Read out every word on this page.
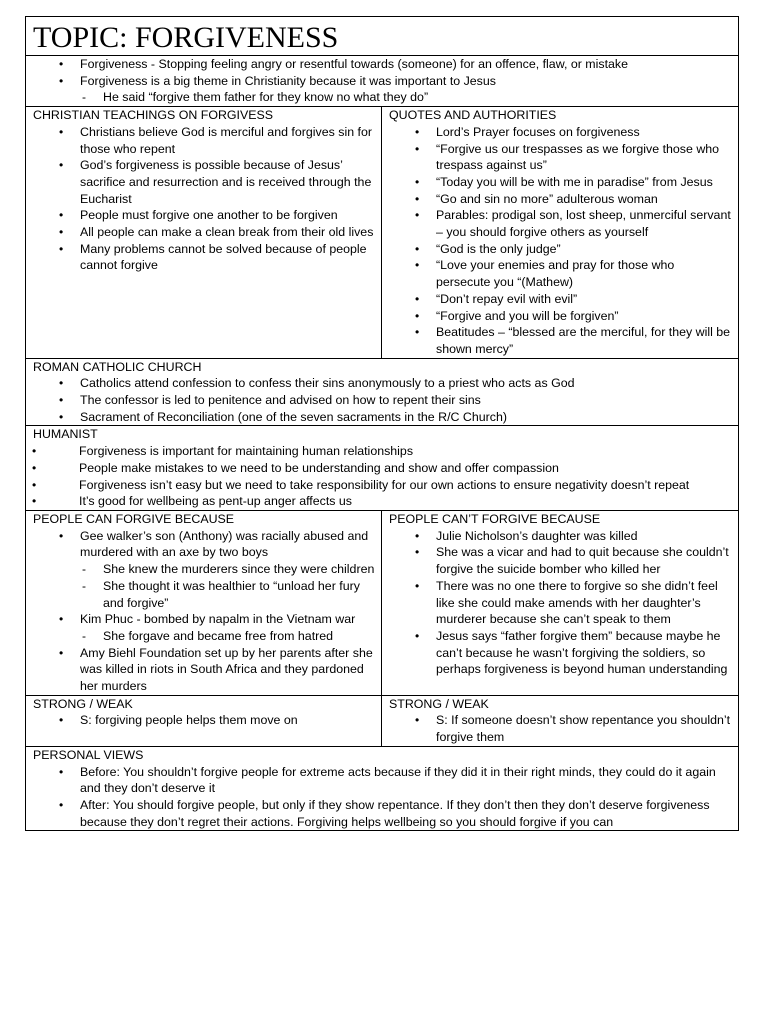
TOPIC: FORGIVENESS
• Forgiveness - Stopping feeling angry or resentful towards (someone) for an offence, flaw, or mistake
• Forgiveness is a big theme in Christianity because it was important to Jesus
- He said “forgive them father for they know no what they do”
CHRISTIAN TEACHINGS ON FORGIVESS
• Christians believe God is merciful and forgives sin for those who repent
• God’s forgiveness is possible because of Jesus’ sacrifice and resurrection and is received through the Eucharist
• People must forgive one another to be forgiven
• All people can make a clean break from their old lives
• Many problems cannot be solved because of people cannot forgive
QUOTES AND AUTHORITIES
• Lord’s Prayer focuses on forgiveness
• “Forgive us our trespasses as we forgive those who trespass against us”
• “Today you will be with me in paradise” from Jesus
• “Go and sin no more” adulterous woman
• Parables: prodigal son, lost sheep, unmerciful servant – you should forgive others as yourself
• “God is the only judge”
• “Love your enemies and pray for those who persecute you “(Mathew)
• “Don’t repay evil with evil”
• “Forgive and you will be forgiven”
• Beatitudes – “blessed are the merciful, for they will be shown mercy”
ROMAN CATHOLIC CHURCH
• Catholics attend confession to confess their sins anonymously to a priest who acts as God
• The confessor is led to penitence and advised on how to repent their sins
• Sacrament of Reconciliation (one of the seven sacraments in the R/C Church)
HUMANIST
• Forgiveness is important for maintaining human relationships
• People make mistakes to we need to be understanding and show and offer compassion
• Forgiveness isn’t easy but we need to take responsibility for our own actions to ensure negativity doesn’t repeat
• It’s good for wellbeing as pent-up anger affects us
PEOPLE CAN FORGIVE BECAUSE
• Gee walker’s son (Anthony) was racially abused and murdered with an axe by two boys
- She knew the murderers since they were children
- She thought it was healthier to “unload her fury and forgive”
• Kim Phuc - bombed by napalm in the Vietnam war
- She forgave and became free from hatred
• Amy Biehl Foundation set up by her parents after she was killed in riots in South Africa and they pardoned her murders
PEOPLE CAN’T FORGIVE BECAUSE
• Julie Nicholson’s daughter was killed
• She was a vicar and had to quit because she couldn’t forgive the suicide bomber who killed her
• There was no one there to forgive so she didn’t feel like she could make amends with her daughter’s murderer because she can’t speak to them
• Jesus says “father forgive them” because maybe he can’t because he wasn’t forgiving the soldiers, so perhaps forgiveness is beyond human understanding
STRONG / WEAK
• S: forgiving people helps them move on
STRONG / WEAK
• S: If someone doesn’t show repentance you shouldn’t forgive them
PERSONAL VIEWS
• Before: You shouldn’t forgive people for extreme acts because if they did it in their right minds, they could do it again and they don’t deserve it
• After: You should forgive people, but only if they show repentance. If they don’t then they don’t deserve forgiveness because they don’t regret their actions. Forgiving helps wellbeing so you should forgive if you can
